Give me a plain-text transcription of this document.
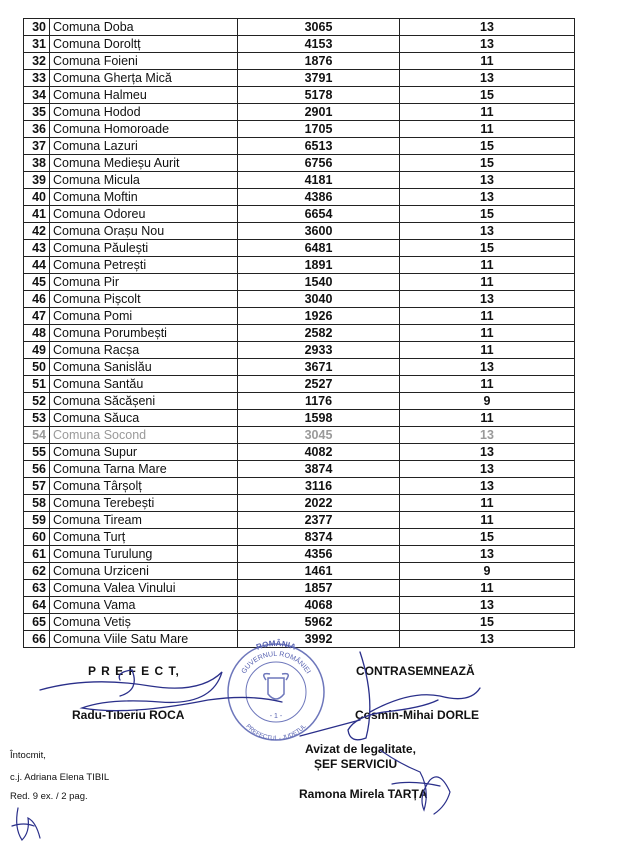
30	Comuna Doba	3065	13
31	Comuna Doroltț	4153	13
32	Comuna Foieni	1876	11
33	Comuna Gherța Mică	3791	13
34	Comuna Halmeu	5178	15
35	Comuna Hodod	2901	11
36	Comuna Homoroade	1705	11
37	Comuna Lazuri	6513	15
38	Comuna Medieșu Aurit	6756	15
39	Comuna Micula	4181	13
40	Comuna Moftin	4386	13
41	Comuna Odoreu	6654	15
42	Comuna Orașu Nou	3600	13
43	Comuna Păulești	6481	15
44	Comuna Petrești	1891	11
45	Comuna Pir	1540	11
46	Comuna Pișcolt	3040	13
47	Comuna Pomi	1926	11
48	Comuna Porumbești	2582	11
49	Comuna Racșa	2933	11
50	Comuna Sanislău	3671	13
51	Comuna Santău	2527	11
52	Comuna Săcășeni	1176	9
53	Comuna Săuca	1598	11
54	Comuna Socond	3045	13
55	Comuna Supur	4082	13
56	Comuna Tarna Mare	3874	13
57	Comuna Târșolț	3116	13
58	Comuna Terebești	2022	11
59	Comuna Tiream	2377	11
60	Comuna Turț	8374	15
61	Comuna Turulung	4356	13
62	Comuna Urziceni	1461	9
63	Comuna Valea Vinului	1857	11
64	Comuna Vama	4068	13
65	Comuna Vetiș	5962	15
66	Comuna Viile Satu Mare	3992	13
P R E F E C T,
Radu-Tiberiu ROCA
CONTRASEMNEAZĂ
Cosmin-Mihai DORLE
Avizat de legalitate,
ȘEF SERVICIU
Ramona Mirela TARȚA
Întocmit,
c.j. Adriana Elena TIBIL
Red. 9 ex. / 2 pag.
ROMÂNIA
GUVERNUL ROMÂNIEI
PREFECTUL - JUDEȚUL
- 1 -
